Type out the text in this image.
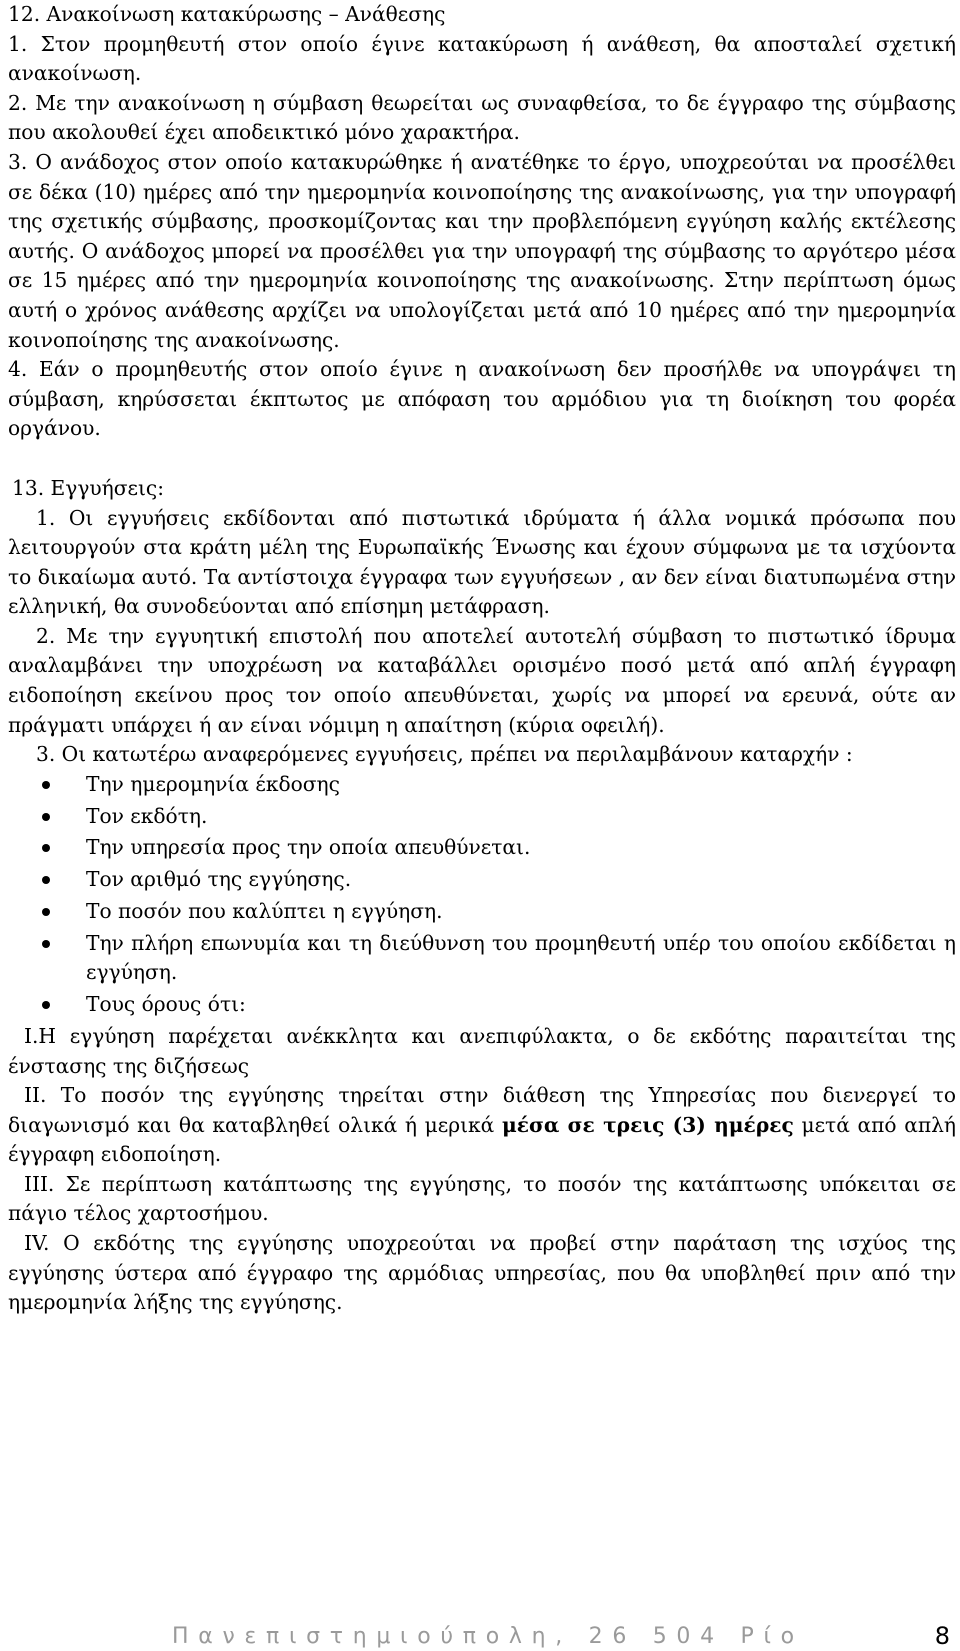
12. Ανακοίνωση κατακύρωσης – Ανάθεσης

1. Στον προμηθευτή στον οποίο έγινε κατακύρωση ή ανάθεση, θα αποσταλεί σχετική ανακοίνωση.

2. Με την ανακοίνωση η σύμβαση θεωρείται ως συναφθείσα, το δε έγγραφο της σύμβασης που ακολουθεί έχει αποδεικτικό μόνο χαρακτήρα.

3. Ο ανάδοχος στον οποίο κατακυρώθηκε ή ανατέθηκε το έργο, υποχρεούται να προσέλθει σε δέκα (10) ημέρες από την ημερομηνία κοινοποίησης της ανακοίνωσης, για την υπογραφή της σχετικής σύμβασης, προσκομίζοντας και την προβλεπόμενη εγγύηση καλής εκτέλεσης αυτής. Ο ανάδοχος μπορεί να προσέλθει για την υπογραφή της σύμβασης το αργότερο μέσα σε 15 ημέρες από την ημερομηνία κοινοποίησης της ανακοίνωσης. Στην περίπτωση όμως αυτή ο χρόνος ανάθεσης αρχίζει να υπολογίζεται μετά από 10 ημέρες από την ημερομηνία κοινοποίησης της ανακοίνωσης.

4. Εάν ο προμηθευτής στον οποίο έγινε η ανακοίνωση δεν προσήλθε να υπογράψει τη σύμβαση, κηρύσσεται έκπτωτος με απόφαση του αρμόδιου για τη διοίκηση του φορέα οργάνου.

13. Εγγυήσεις:

1. Οι εγγυήσεις εκδίδονται από πιστωτικά ιδρύματα ή άλλα νομικά πρόσωπα που λειτουργούν στα κράτη μέλη της Ευρωπαϊκής Ένωσης και έχουν σύμφωνα με τα ισχύοντα το δικαίωμα αυτό. Τα αντίστοιχα έγγραφα των εγγυήσεων , αν δεν είναι διατυπωμένα στην ελληνική, θα συνοδεύονται από επίσημη μετάφραση.

2. Με την εγγυητική επιστολή που αποτελεί αυτοτελή σύμβαση το πιστωτικό ίδρυμα αναλαμβάνει την υποχρέωση να καταβάλλει ορισμένο ποσό μετά από απλή έγγραφη ειδοποίηση εκείνου προς τον οποίο απευθύνεται, χωρίς να μπορεί να ερευνά, ούτε αν πράγματι υπάρχει ή αν είναι νόμιμη η απαίτηση (κύρια οφειλή).

3. Οι κατωτέρω αναφερόμενες εγγυήσεις, πρέπει να περιλαμβάνουν καταρχήν :

Την ημερομηνία έκδοσης
Τον εκδότη.
Την υπηρεσία προς την οποία απευθύνεται.
Τον αριθμό της εγγύησης.
Το ποσόν που καλύπτει η εγγύηση.
Την πλήρη επωνυμία και τη διεύθυνση του προμηθευτή υπέρ του οποίου εκδίδεται η εγγύηση.
Τους όρους ότι:

Ι.Η εγγύηση παρέχεται ανέκκλητα και ανεπιφύλακτα, ο δε εκδότης παραιτείται της ένστασης της διζήσεως

ΙΙ. Το ποσόν της εγγύησης τηρείται στην διάθεση της Υπηρεσίας που διενεργεί το διαγωνισμό και θα καταβληθεί ολικά ή μερικά μέσα σε τρεις (3) ημέρες μετά από απλή έγγραφη ειδοποίηση.

ΙΙΙ. Σε περίπτωση κατάπτωσης της εγγύησης, το ποσόν της κατάπτωσης υπόκειται σε πάγιο τέλος χαρτοσήμου.

ΙV. Ο εκδότης της εγγύησης υποχρεούται να προβεί στην παράταση της ισχύος της εγγύησης ύστερα από έγγραφο της αρμόδιας υπηρεσίας, που θα υποβληθεί πριν από την ημερομηνία λήξης της εγγύησης.

Πανεπιστημιούπολη, 26 504 Ρίο	8
